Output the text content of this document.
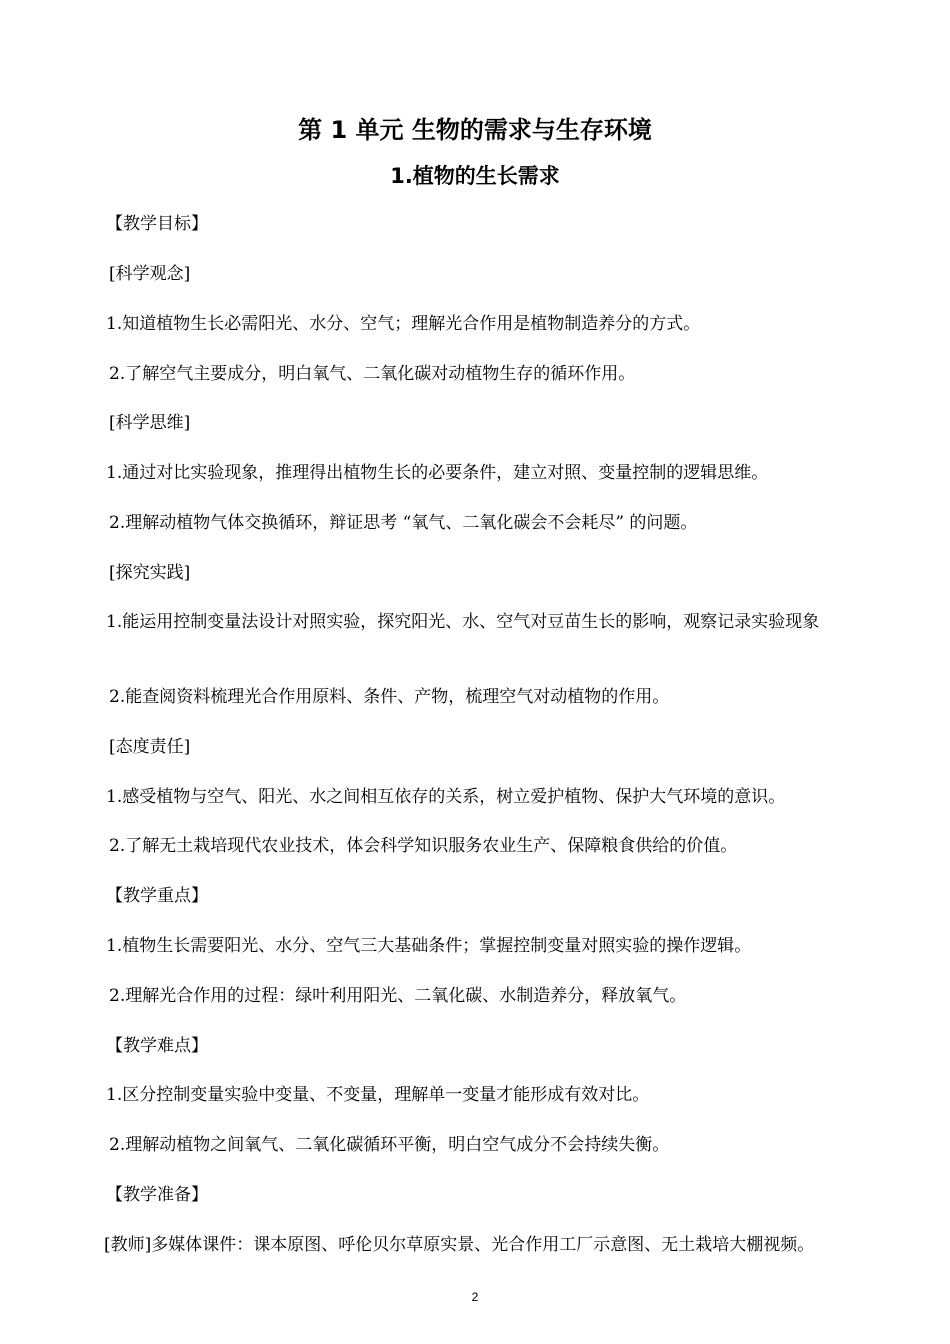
第 1 单元 生物的需求与生存环境
1.植物的生长需求
【教学目标】
[科学观念]
1.知道植物生长必需阳光、水分、空气；理解光合作用是植物制造养分的方式。
2.了解空气主要成分，明白氧气、二氧化碳对动植物生存的循环作用。
[科学思维]
1.通过对比实验现象，推理得出植物生长的必要条件，建立对照、变量控制的逻辑思维。
2.理解动植物气体交换循环，辩证思考 “氧气、二氧化碳会不会耗尽” 的问题。
[探究实践]
1.能运用控制变量法设计对照实验，探究阳光、水、空气对豆苗生长的影响，观察记录实验现象
2.能查阅资料梳理光合作用原料、条件、产物，梳理空气对动植物的作用。
[态度责任]
1.感受植物与空气、阳光、水之间相互依存的关系，树立爱护植物、保护大气环境的意识。
2.了解无土栽培现代农业技术，体会科学知识服务农业生产、保障粮食供给的价值。
【教学重点】
1.植物生长需要阳光、水分、空气三大基础条件；掌握控制变量对照实验的操作逻辑。
2.理解光合作用的过程：绿叶利用阳光、二氧化碳、水制造养分，释放氧气。
【教学难点】
1.区分控制变量实验中变量、不变量，理解单一变量才能形成有效对比。
2.理解动植物之间氧气、二氧化碳循环平衡，明白空气成分不会持续失衡。
【教学准备】
[教师]多媒体课件：课本原图、呼伦贝尔草原实景、光合作用工厂示意图、无土栽培大棚视频。
2
